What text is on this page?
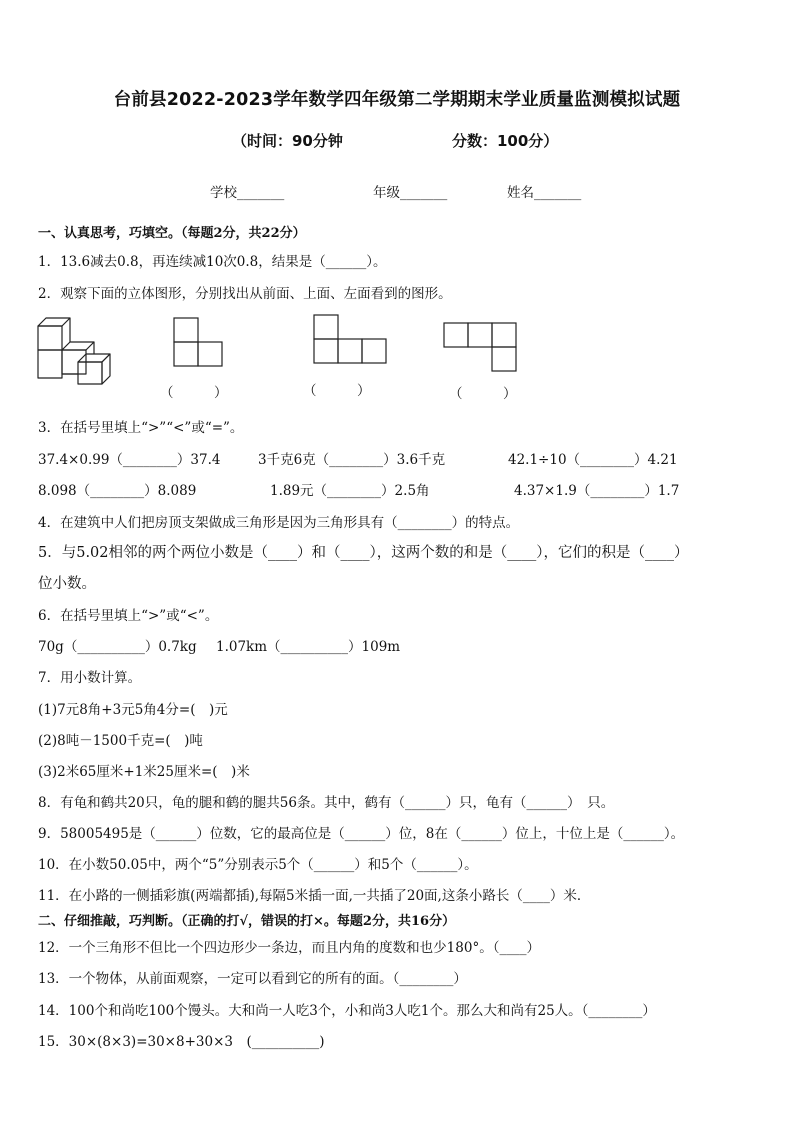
台前县2022-2023学年数学四年级第二学期期末学业质量监测模拟试题
（时间：90分钟	分数：100分）
学校_______	年级_______	姓名_______
一、认真思考，巧填空。（每题2分，共22分）
1．13.6减去0.8，再连续减10次0.8，结果是（______）。
2．观察下面的立体图形，分别找出从前面、上面、左面看到的图形。
（　　　）	（　　　）	（　　　）
3．在括号里填上“>”“<”或“=”。
37.4×0.99（________）37.4	3千克6克（________）3.6千克	42.1÷10（________）4.21
8.098（________）8.089	1.89元（________）2.5角	4.37×1.9（________）1.7
4．在建筑中人们把房顶支架做成三角形是因为三角形具有（________）的特点。
5．与5.02相邻的两个两位小数是（____）和（____），这两个数的和是（____），它们的积是（____）
位小数。
6．在括号里填上“>”或“<”。
70g（__________）0.7kg 1.07km（__________）109m
7．用小数计算。
(1)7元8角+3元5角4分=(　)元
(2)8吨－1500千克=(　)吨
(3)2米65厘米+1米25厘米=(　)米
8．有龟和鹤共20只，龟的腿和鹤的腿共56条。其中，鹤有（______）只，龟有（______）　只。
9．58005495是（______）位数，它的最高位是（______）位，8在（______）位上，十位上是（______）。
10．在小数50.05中，两个“5”分别表示5个（______）和5个（______）。
11．在小路的一侧插彩旗(两端都插),每隔5米插一面,一共插了20面,这条小路长（____）米．
二、仔细推敲，巧判断。（正确的打√，错误的打×。每题2分，共16分）
12．一个三角形不但比一个四边形少一条边，而且内角的度数和也少180°。（____）
13．一个物体，从前面观察，一定可以看到它的所有的面。（________）
14．100个和尚吃100个馒头。大和尚一人吃3个，小和尚3人吃1个。那么大和尚有25人。（________）
15．30×(8×3)=30×8+30×3　(__________)
